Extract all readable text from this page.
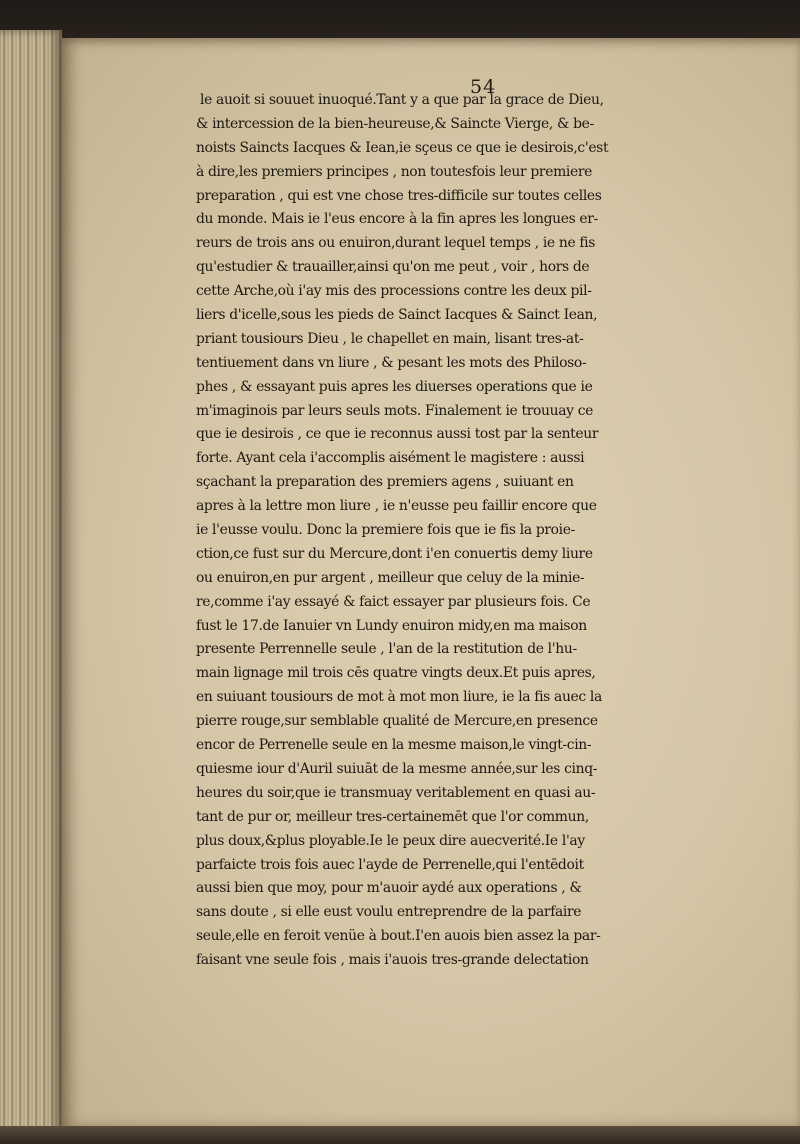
54
le auoit si souuet inuoqué.Tant y a que par la grace de Dieu,
& intercession de la bien-heureuse,& Saincte Vierge, & be-
noists Saincts Iacques & Iean,ie sçeus ce que ie desirois,c'est
à dire,les premiers principes , non toutesfois leur premiere
preparation , qui est vne chose tres-difficile sur toutes celles
du monde. Mais ie l'eus encore à la fin apres les longues er-
reurs de trois ans ou enuiron,durant lequel temps , ie ne fis
qu'estudier & trauailler,ainsi qu'on me peut , voir , hors de
cette Arche,où i'ay mis des processions contre les deux pil-
liers d'icelle,sous les pieds de Sainct Iacques & Sainct Iean,
priant tousiours Dieu , le chapellet en main, lisant tres-at-
tentiuement dans vn liure , & pesant les mots des Philoso-
phes , & essayant puis apres les diuerses operations que ie
m'imaginois par leurs seuls mots. Finalement ie trouuay ce
que ie desirois , ce que ie reconnus aussi tost par la senteur
forte. Ayant cela i'accomplis aisément le magistere : aussi
sçachant la preparation des premiers agens , suiuant en
apres à la lettre mon liure , ie n'eusse peu faillir encore que
ie l'eusse voulu. Donc la premiere fois que ie fis la proie-
ction,ce fust sur du Mercure,dont i'en conuertis demy liure
ou enuiron,en pur argent , meilleur que celuy de la minie-
re,comme i'ay essayé & faict essayer par plusieurs fois. Ce
fust le 17.de Ianuier vn Lundy enuiron midy,en ma maison
presente Perrennelle seule , l'an de la restitution de l'hu-
main lignage mil trois cēs quatre vingts deux.Et puis apres,
en suiuant tousiours de mot à mot mon liure, ie la fis auec la
pierre rouge,sur semblable qualité de Mercure,en presence
encor de Perrenelle seule en la mesme maison,le vingt-cin-
quiesme iour d'Auril suiuāt de la mesme année,sur les cinq-
heures du soir,que ie transmuay veritablement en quasi au-
tant de pur or, meilleur tres-certainemēt que l'or commun,
plus doux,&plus ployable.Ie le peux dire auecverité.Ie l'ay
parfaicte trois fois auec l'ayde de Perrenelle,qui l'entēdoit
aussi bien que moy, pour m'auoir aydé aux operations , &
sans doute , si elle eust voulu entreprendre de la parfaire
seule,elle en feroit venüe à bout.I'en auois bien assez la par-
faisant vne seule fois , mais i'auois tres-grande delectation
